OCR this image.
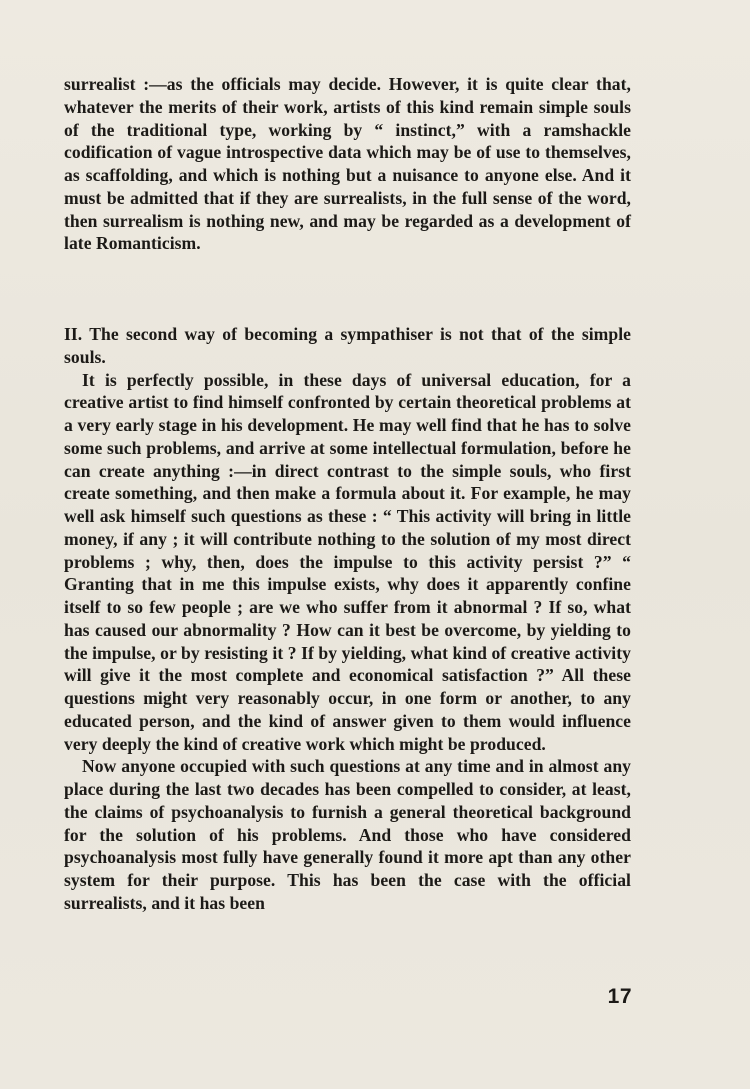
surrealist :—as the officials may decide. However, it is quite clear that, whatever the merits of their work, artists of this kind remain simple souls of the traditional type, working by “ instinct,” with a ramshackle codification of vague introspective data which may be of use to themselves, as scaffolding, and which is nothing but a nuisance to anyone else. And it must be admitted that if they are surrealists, in the full sense of the word, then surrealism is nothing new, and may be regarded as a development of late Romanticism.

II. The second way of becoming a sympathiser is not that of the simple souls.

It is perfectly possible, in these days of universal education, for a creative artist to find himself confronted by certain theoretical problems at a very early stage in his development. He may well find that he has to solve some such problems, and arrive at some intellectual formulation, before he can create anything :—in direct contrast to the simple souls, who first create something, and then make a formula about it. For example, he may well ask himself such questions as these : “ This activity will bring in little money, if any ; it will contribute nothing to the solution of my most direct problems ; why, then, does the impulse to this activity persist ?” “ Granting that in me this impulse exists, why does it apparently confine itself to so few people ; are we who suffer from it abnormal ? If so, what has caused our abnormality ? How can it best be overcome, by yielding to the impulse, or by resisting it ? If by yielding, what kind of creative activity will give it the most complete and economical satisfaction ?” All these questions might very reasonably occur, in one form or another, to any educated person, and the kind of answer given to them would influence very deeply the kind of creative work which might be produced.

Now anyone occupied with such questions at any time and in almost any place during the last two decades has been compelled to consider, at least, the claims of psychoanalysis to furnish a general theoretical background for the solution of his problems. And those who have considered psychoanalysis most fully have generally found it more apt than any other system for their purpose. This has been the case with the official surrealists, and it has been

17
